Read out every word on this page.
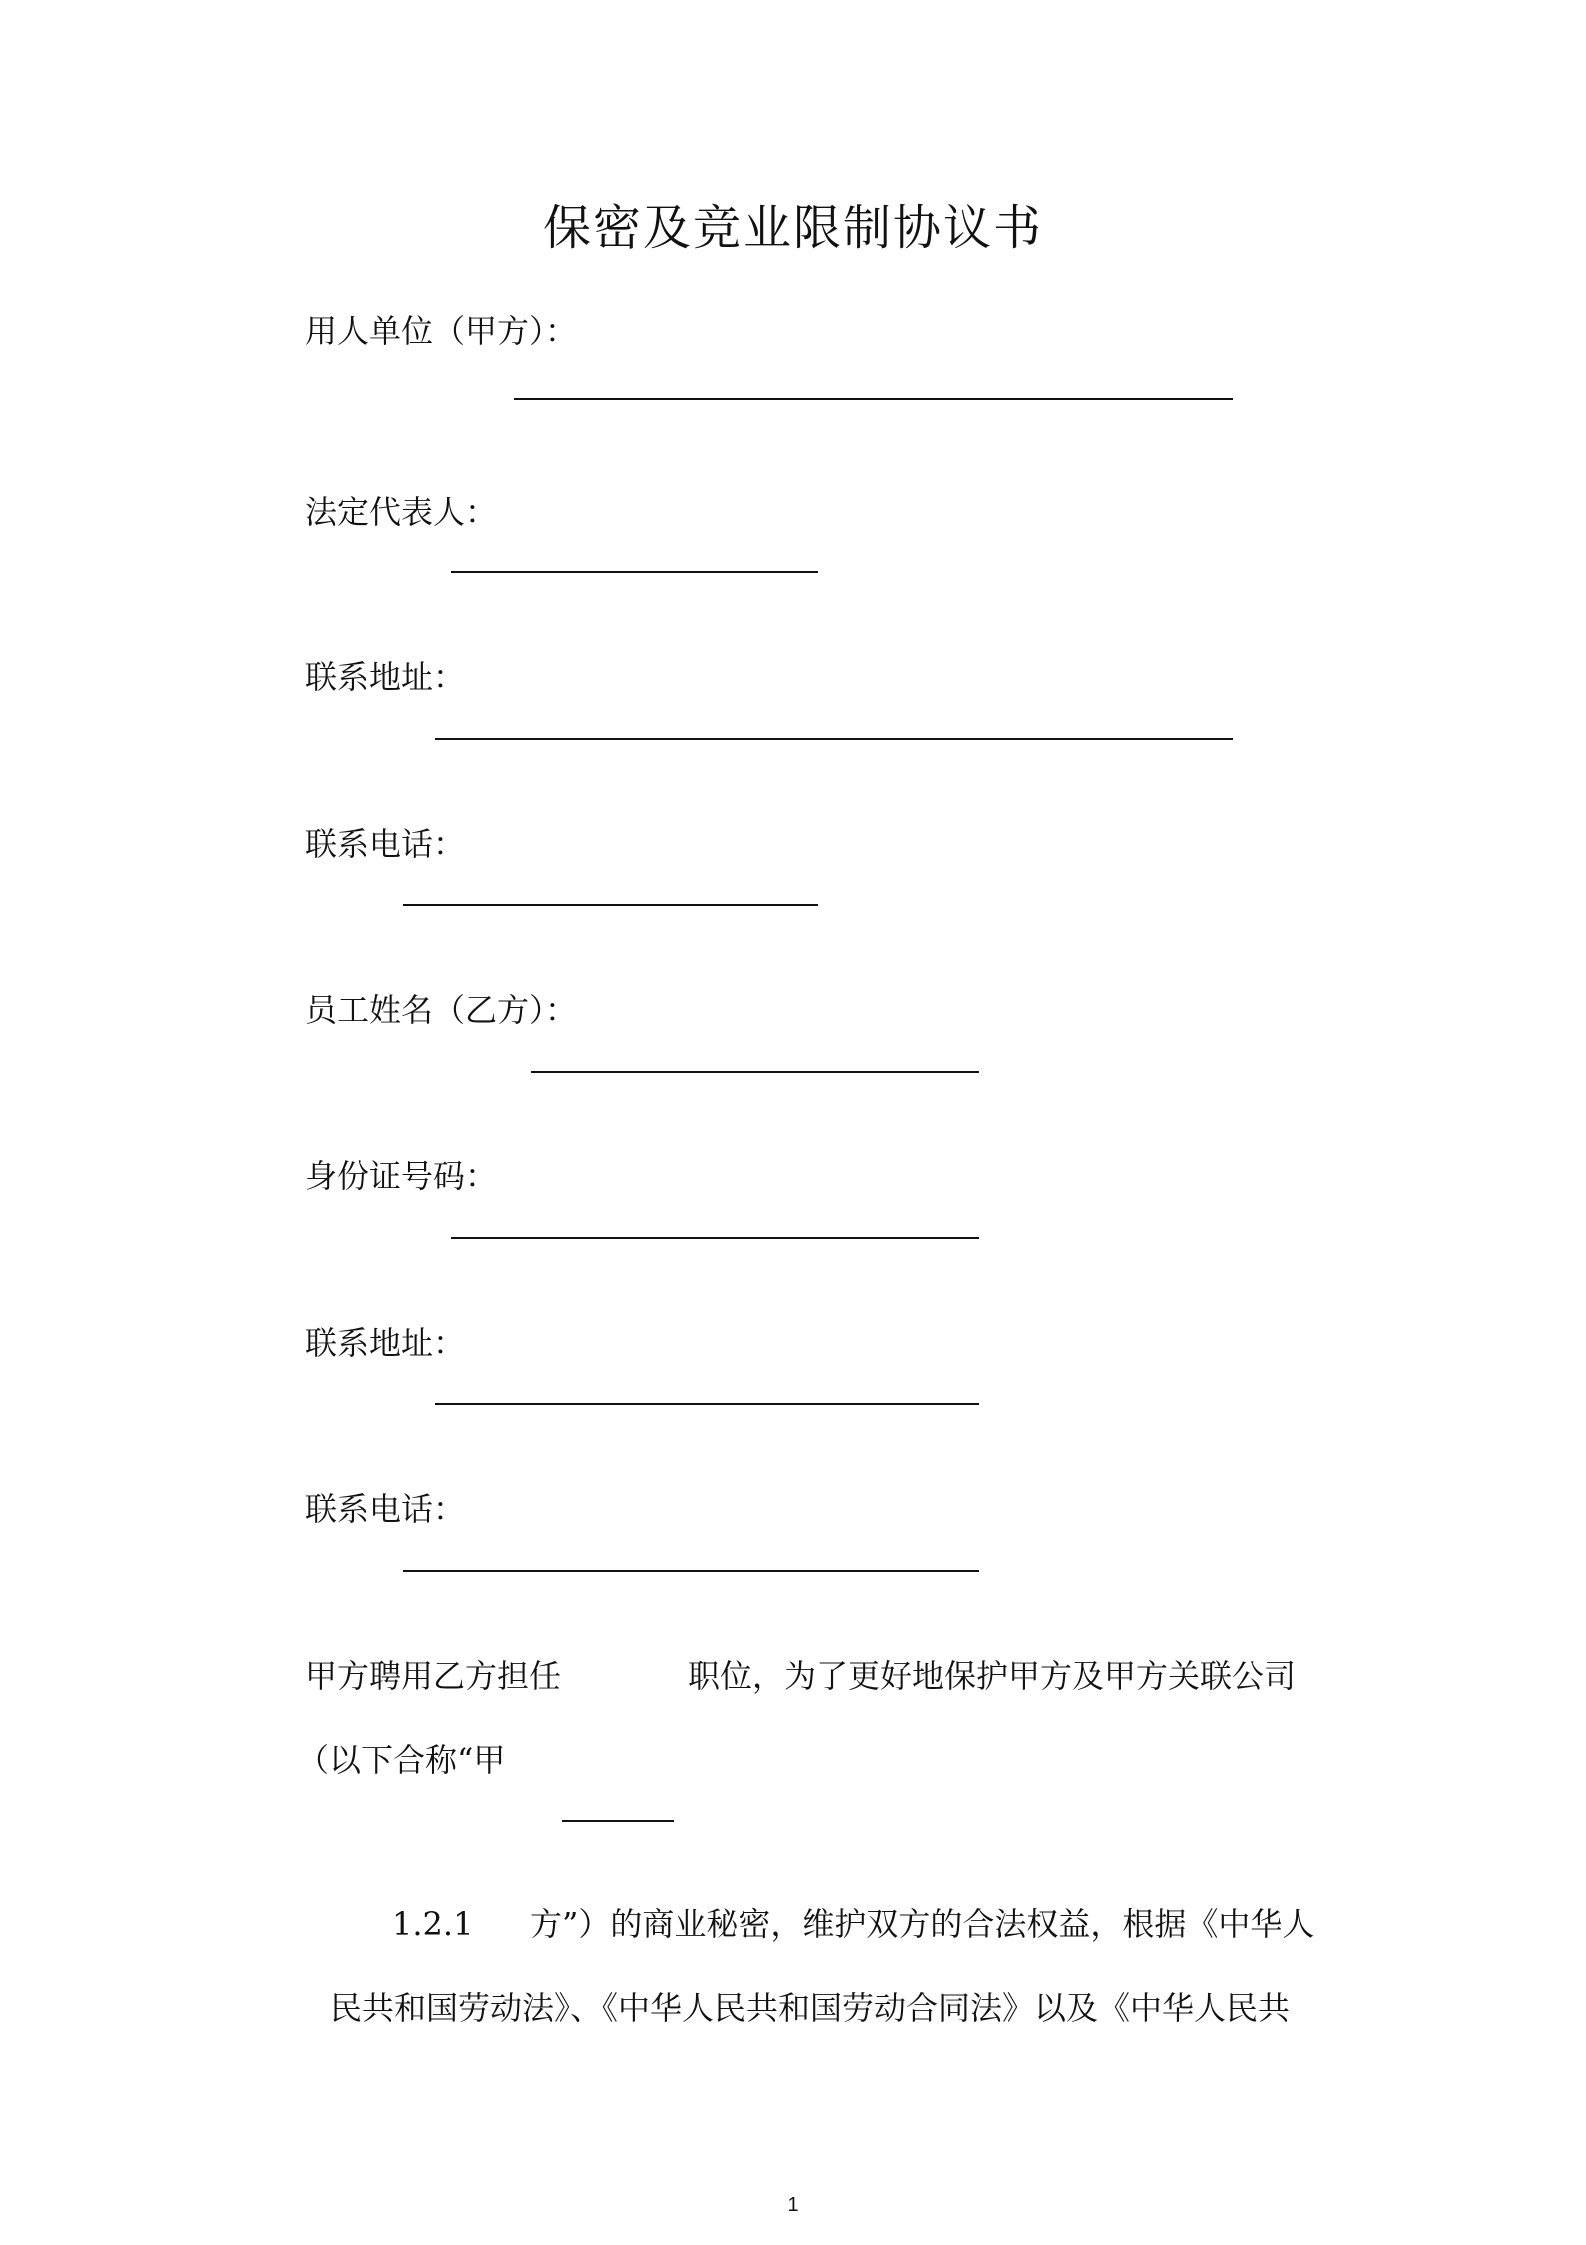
保密及竞业限制协议书
用人单位（甲方）：
法定代表人：
联系地址：
联系电话：
员工姓名（乙方）：
身份证号码：
联系地址：
联系电话：
甲方聘用乙方担任	职位，为了更好地保护甲方及甲方关联公司
（以下合称“甲
1.2.1 方”）的商业秘密，维护双方的合法权益，根据《中华人
民共和国劳动法》、《中华人民共和国劳动合同法》以及《中华人民共
1
